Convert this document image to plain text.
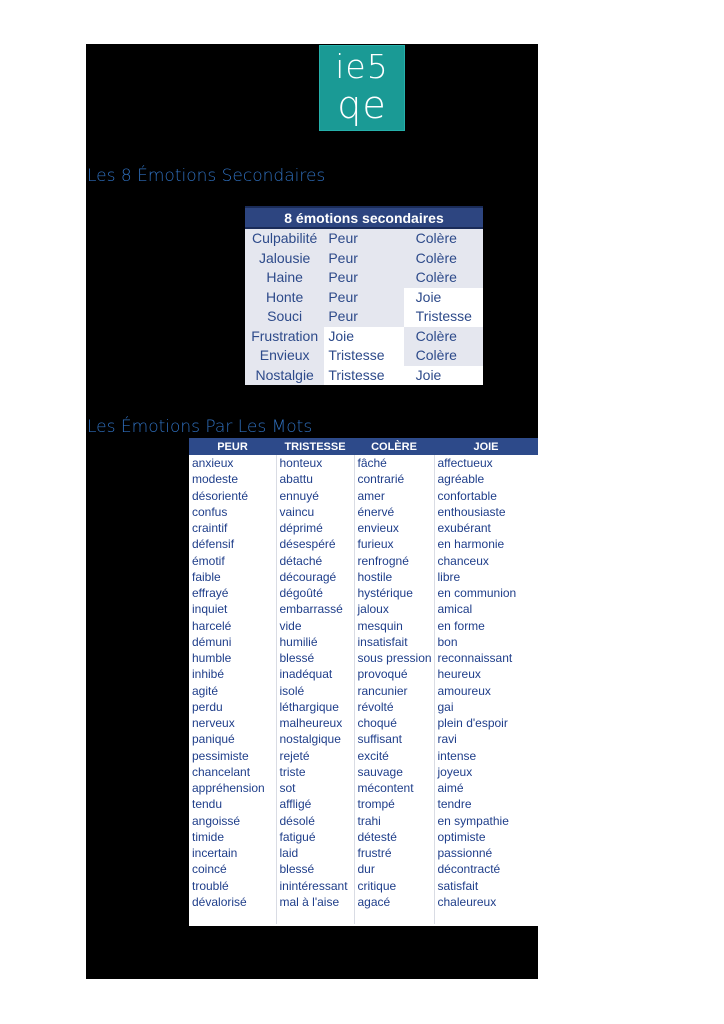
ie5
qe
Les 8 Émotions Secondaires
8 émotions secondaires		
Culpabilité	Peur	Colère
Jalousie	Peur	Colère
Haine	Peur	Colère
Honte	Peur	Joie
Souci	Peur	Tristesse
Frustration	Joie	Colère
Envieux	Tristesse	Colère
Nostalgie	Tristesse	Joie
Les Émotions Par Les Mots
PEUR	TRISTESSE	COLÈRE	JOIE
anxieux	honteux	fâché	affectueux
modeste	abattu	contrarié	agréable
désorienté	ennuyé	amer	confortable
confus	vaincu	énervé	enthousiaste
craintif	déprimé	envieux	exubérant
défensif	désespéré	furieux	en harmonie
émotif	détaché	renfrogné	chanceux
faible	découragé	hostile	libre
effrayé	dégoûté	hystérique	en communion
inquiet	embarrassé	jaloux	amical
harcelé	vide	mesquin	en forme
démuni	humilié	insatisfait	bon
humble	blessé	sous pression	reconnaissant
inhibé	inadéquat	provoqué	heureux
agité	isolé	rancunier	amoureux
perdu	léthargique	révolté	gai
nerveux	malheureux	choqué	plein d'espoir
paniqué	nostalgique	suffisant	ravi
pessimiste	rejeté	excité	intense
chancelant	triste	sauvage	joyeux
appréhension	sot	mécontent	aimé
tendu	affligé	trompé	tendre
angoissé	désolé	trahi	en sympathie
timide	fatigué	détesté	optimiste
incertain	laid	frustré	passionné
coincé	blessé	dur	décontracté
troublé	inintéressant	critique	satisfait
dévalorisé	mal à l'aise	agacé	chaleureux
